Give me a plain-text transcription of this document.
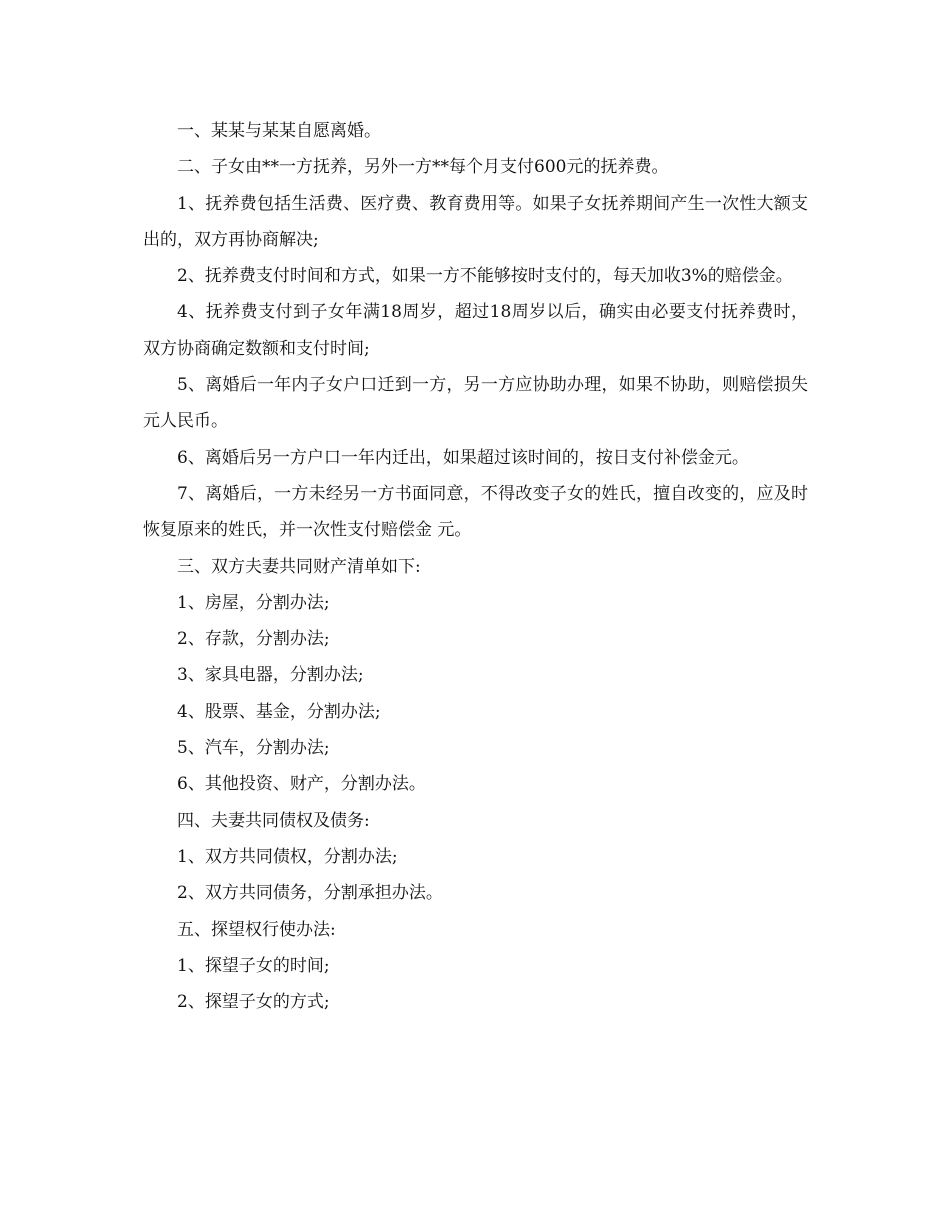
一、某某与某某自愿离婚。

二、子女由**一方抚养，另外一方**每个月支付600元的抚养费。

1、抚养费包括生活费、医疗费、教育费用等。如果子女抚养期间产生一次性大额支出的，双方再协商解决;

2、抚养费支付时间和方式，如果一方不能够按时支付的，每天加收3%的赔偿金。

4、抚养费支付到子女年满18周岁，超过18周岁以后，确实由必要支付抚养费时，双方协商确定数额和支付时间;

5、离婚后一年内子女户口迁到一方，另一方应协助办理，如果不协助，则赔偿损失 元人民币。

6、离婚后另一方户口一年内迁出，如果超过该时间的，按日支付补偿金元。

7、离婚后，一方未经另一方书面同意，不得改变子女的姓氏，擅自改变的，应及时恢复原来的姓氏，并一次性支付赔偿金 元。

三、双方夫妻共同财产清单如下:

1、房屋，分割办法;

2、存款，分割办法;

3、家具电器，分割办法;

4、股票、基金，分割办法;

5、汽车，分割办法;

6、其他投资、财产，分割办法。

四、夫妻共同债权及债务:

1、双方共同债权，分割办法;

2、双方共同债务，分割承担办法。

五、探望权行使办法:

1、探望子女的时间;

2、探望子女的方式;
